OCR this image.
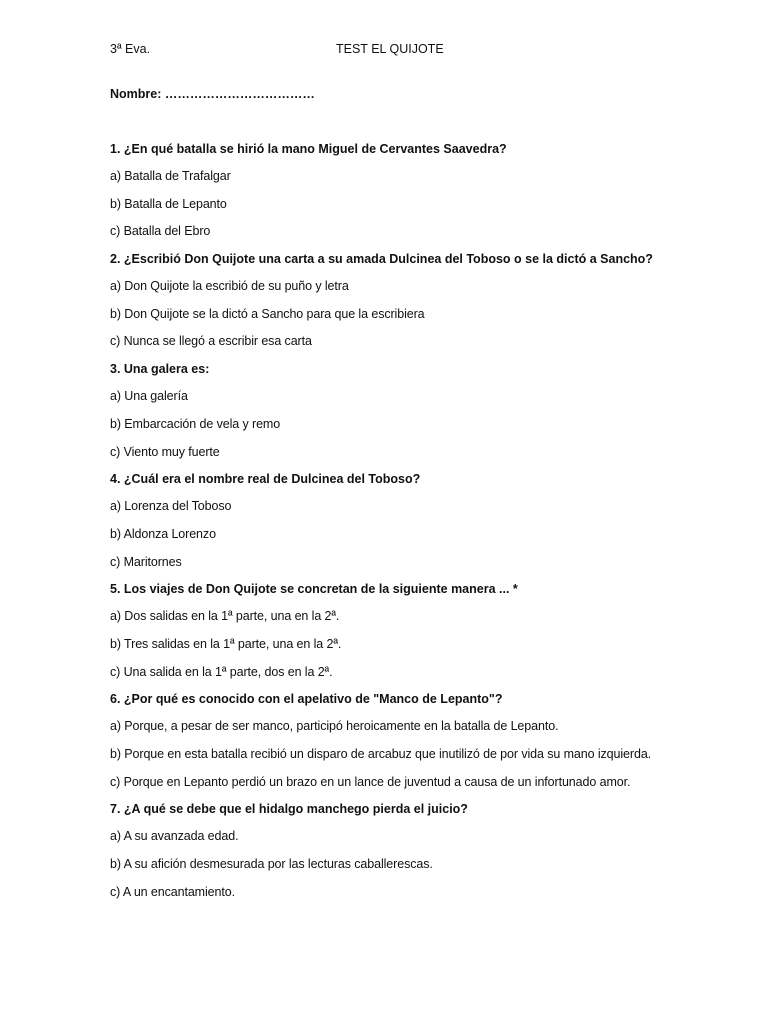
3ª Eva.	TEST EL QUIJOTE
Nombre: ………………………………
1. ¿En qué batalla se hirió la mano Miguel de Cervantes Saavedra?
a) Batalla de Trafalgar
b) Batalla de Lepanto
c) Batalla del Ebro
2. ¿Escribió Don Quijote una carta a su amada Dulcinea del Toboso o se la dictó a Sancho?
a) Don Quijote la escribió de su puño y letra
b) Don Quijote se la dictó a Sancho para que la escribiera
c) Nunca se llegó a escribir esa carta
3. Una galera es:
a) Una galería
b) Embarcación de vela y remo
c) Viento muy fuerte
4. ¿Cuál era el nombre real de Dulcinea del Toboso?
a) Lorenza del Toboso
b) Aldonza Lorenzo
c) Maritornes
5. Los viajes de Don Quijote se concretan de la siguiente manera ... *
a) Dos salidas en la 1ª parte, una en la 2ª.
b) Tres salidas en la 1ª parte, una en la 2ª.
c) Una salida en la 1ª parte, dos en la 2ª.
6. ¿Por qué es conocido con el apelativo de "Manco de Lepanto"?
a) Porque, a pesar de ser manco, participó heroicamente en la batalla de Lepanto.
b) Porque en esta batalla recibió un disparo de arcabuz que inutilizó de por vida su mano izquierda.
c) Porque en Lepanto perdió un brazo en un lance de juventud a causa de un infortunado amor.
7. ¿A qué se debe que el hidalgo manchego pierda el juicio?
a) A su avanzada edad.
b) A su afición desmesurada por las lecturas caballerescas.
c) A un encantamiento.
